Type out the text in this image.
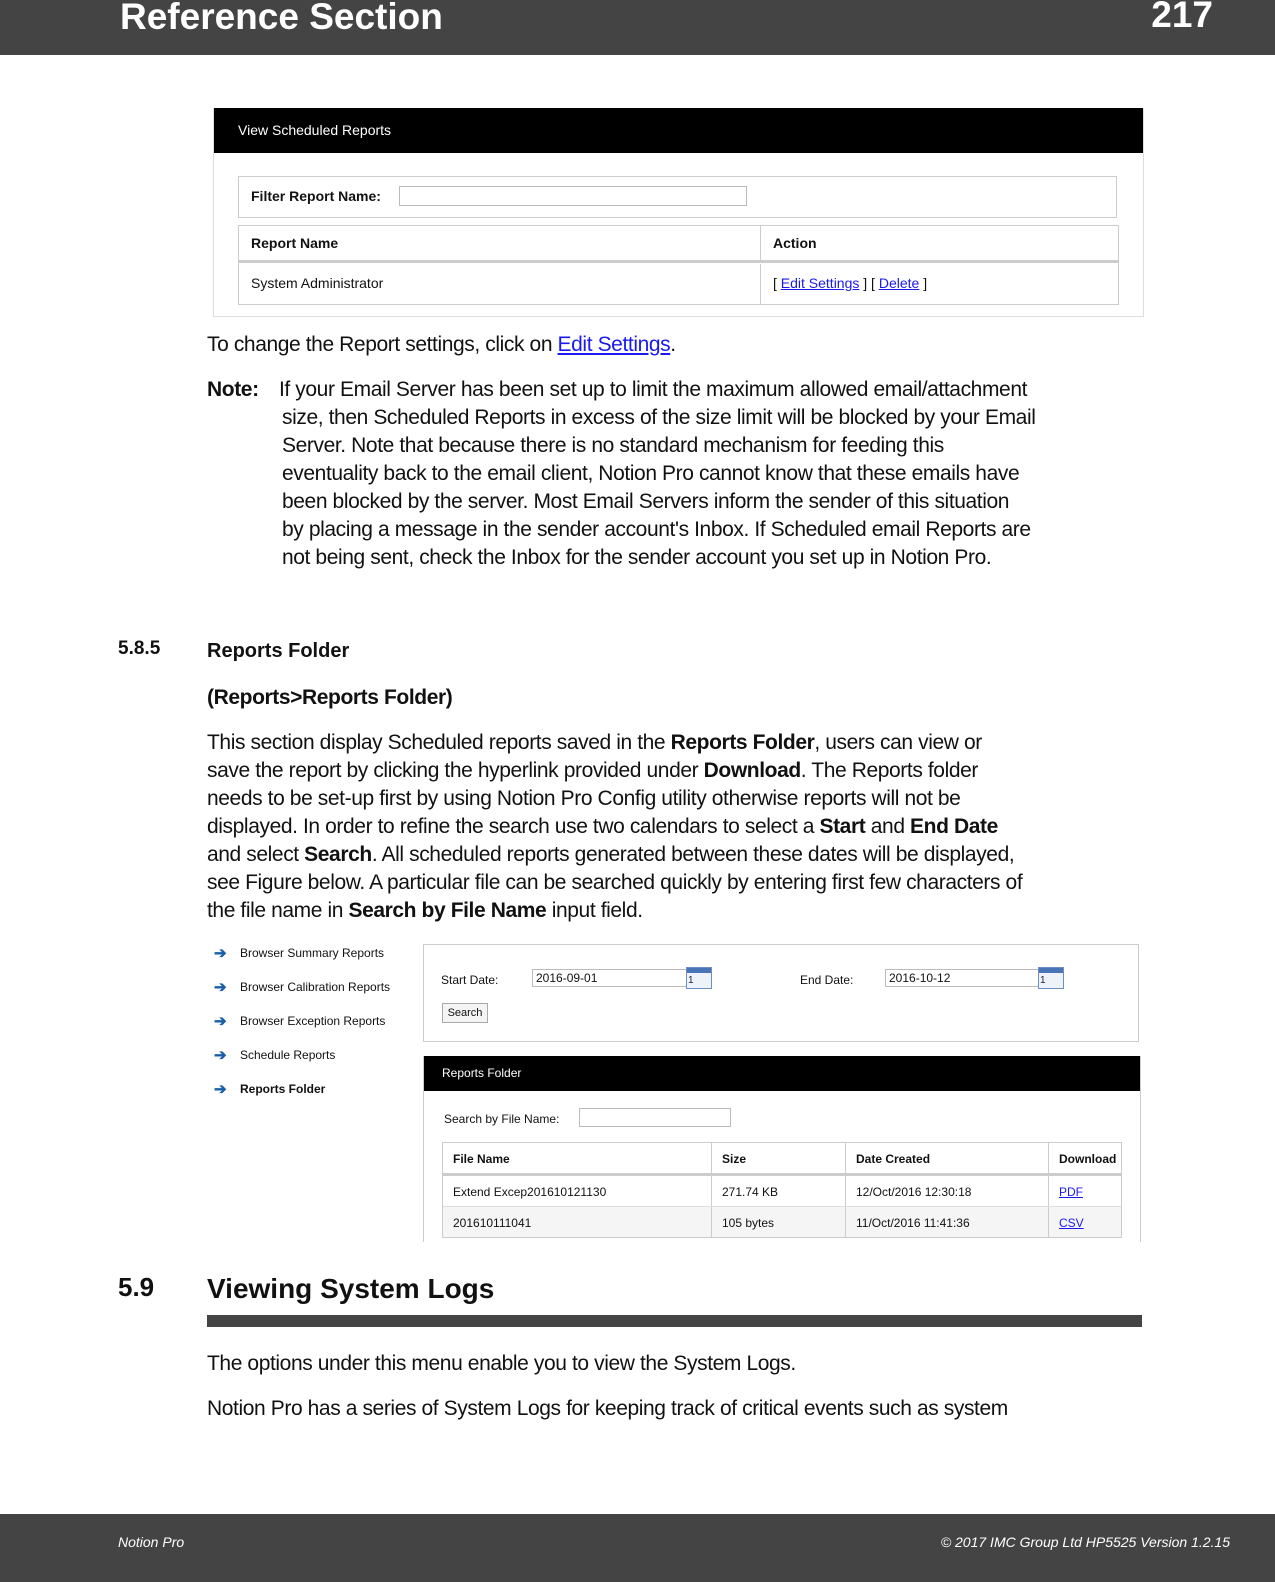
Reference Section	217
View Scheduled Reports
Filter Report Name:
Report Name	Action
System Administrator	[ Edit Settings ] [ Delete ]
To change the Report settings, click on Edit Settings.
Note: If your Email Server has been set up to limit the maximum allowed email/attachment
size, then Scheduled Reports in excess of the size limit will be blocked by your Email
Server. Note that because there is no standard mechanism for feeding this
eventuality back to the email client, Notion Pro cannot know that these emails have
been blocked by the server. Most Email Servers inform the sender of this situation
by placing a message in the sender account's Inbox. If Scheduled email Reports are
not being sent, check the Inbox for the sender account you set up in Notion Pro.
5.8.5 Reports Folder
(Reports>Reports Folder)
This section display Scheduled reports saved in the Reports Folder, users can view or
save the report by clicking the hyperlink provided under Download. The Reports folder
needs to be set-up first by using Notion Pro Config utility otherwise reports will not be
displayed. In order to refine the search use two calendars to select a Start and End Date
and select Search. All scheduled reports generated between these dates will be displayed,
see Figure below. A particular file can be searched quickly by entering first few characters of
the file name in Search by File Name input field.
➔ Browser Summary Reports
➔ Browser Calibration Reports
➔ Browser Exception Reports
➔ Schedule Reports
➔ Reports Folder
Start Date:	2016-09-01	1	End Date:	2016-10-12	1
Search
Reports Folder
Search by File Name:
File Name	Size	Date Created	Download
Extend Excep201610121130	271.74 KB	12/Oct/2016 12:30:18	PDF
201610111041	105 bytes	11/Oct/2016 11:41:36	CSV
5.9 Viewing System Logs
The options under this menu enable you to view the System Logs.
Notion Pro has a series of System Logs for keeping track of critical events such as system
Notion Pro	© 2017 IMC Group Ltd HP5525 Version 1.2.15
